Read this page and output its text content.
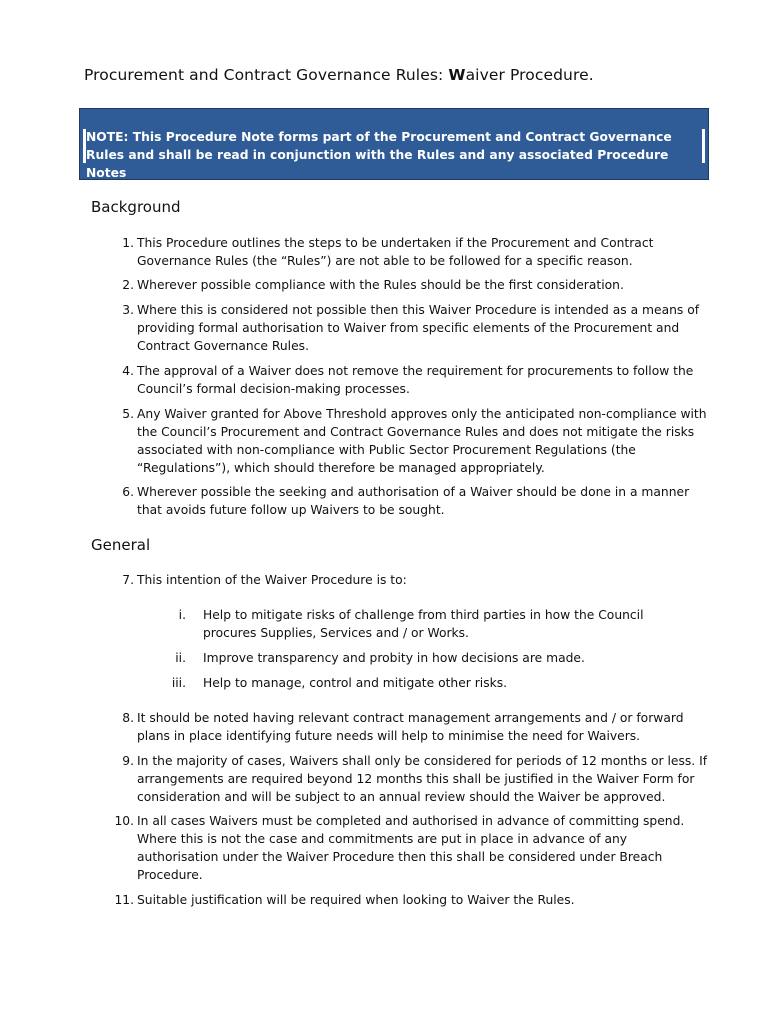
Procurement and Contract Governance Rules: Waiver Procedure.
NOTE: This Procedure Note forms part of the Procurement and Contract Governance Rules and shall be read in conjunction with the Rules and any associated Procedure Notes
Background
1. This Procedure outlines the steps to be undertaken if the Procurement and Contract Governance Rules (the “Rules”) are not able to be followed for a specific reason.
2. Wherever possible compliance with the Rules should be the first consideration.
3. Where this is considered not possible then this Waiver Procedure is intended as a means of providing formal authorisation to Waiver from specific elements of the Procurement and Contract Governance Rules.
4. The approval of a Waiver does not remove the requirement for procurements to follow the Council’s formal decision-making processes.
5. Any Waiver granted for Above Threshold approves only the anticipated non-compliance with the Council’s Procurement and Contract Governance Rules and does not mitigate the risks associated with non-compliance with Public Sector Procurement Regulations (the “Regulations”), which should therefore be managed appropriately.
6. Wherever possible the seeking and authorisation of a Waiver should be done in a manner that avoids future follow up Waivers to be sought.
General
7. This intention of the Waiver Procedure is to:
i. Help to mitigate risks of challenge from third parties in how the Council procures Supplies, Services and / or Works.
ii. Improve transparency and probity in how decisions are made.
iii. Help to manage, control and mitigate other risks.
8. It should be noted having relevant contract management arrangements and / or forward plans in place identifying future needs will help to minimise the need for Waivers.
9. In the majority of cases, Waivers shall only be considered for periods of 12 months or less. If arrangements are required beyond 12 months this shall be justified in the Waiver Form for consideration and will be subject to an annual review should the Waiver be approved.
10. In all cases Waivers must be completed and authorised in advance of committing spend. Where this is not the case and commitments are put in place in advance of any authorisation under the Waiver Procedure then this shall be considered under Breach Procedure.
11. Suitable justification will be required when looking to Waiver the Rules.
